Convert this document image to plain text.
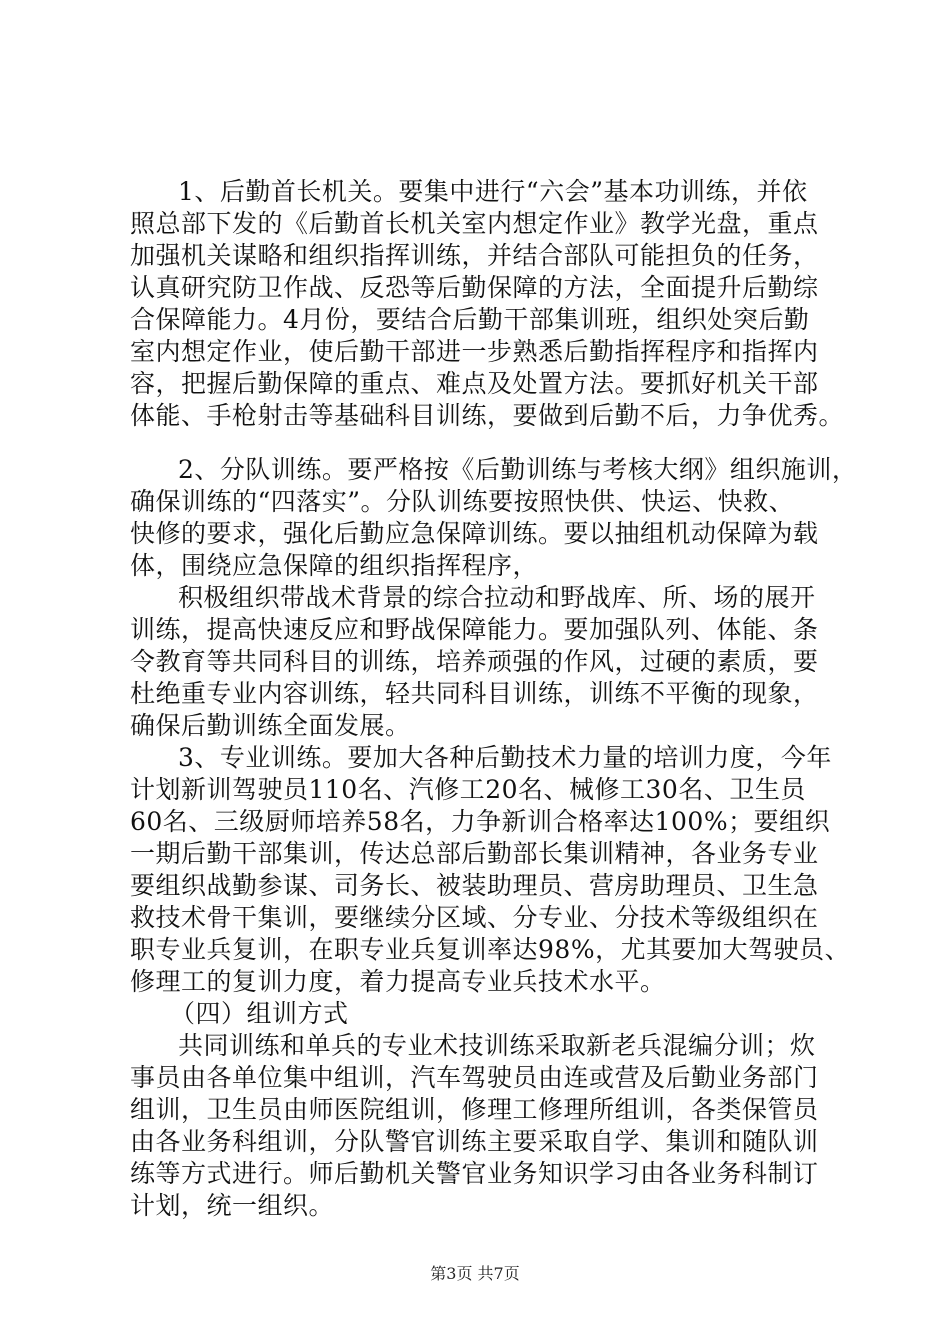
1、后勤首长机关。要集中进行“六会”基本功训练，并依
照总部下发的《后勤首长机关室内想定作业》教学光盘，重点
加强机关谋略和组织指挥训练，并结合部队可能担负的任务，
认真研究防卫作战、反恐等后勤保障的方法，全面提升后勤综
合保障能力。4月份，要结合后勤干部集训班，组织处突后勤
室内想定作业，使后勤干部进一步熟悉后勤指挥程序和指挥内
容，把握后勤保障的重点、难点及处置方法。要抓好机关干部
体能、手枪射击等基础科目训练，要做到后勤不后，力争优秀。
2、分队训练。要严格按《后勤训练与考核大纲》组织施训，
确保训练的“四落实”。分队训练要按照快供、快运、快救、
快修的要求，强化后勤应急保障训练。要以抽组机动保障为载
体，围绕应急保障的组织指挥程序，
积极组织带战术背景的综合拉动和野战库、所、场的展开
训练，提高快速反应和野战保障能力。要加强队列、体能、条
令教育等共同科目的训练，培养顽强的作风，过硬的素质，要
杜绝重专业内容训练，轻共同科目训练，训练不平衡的现象，
确保后勤训练全面发展。
3、专业训练。要加大各种后勤技术力量的培训力度，今年
计划新训驾驶员110名、汽修工20名、械修工30名、卫生员
60名、三级厨师培养58名，力争新训合格率达100%；要组织
一期后勤干部集训，传达总部后勤部长集训精神，各业务专业
要组织战勤参谋、司务长、被装助理员、营房助理员、卫生急
救技术骨干集训，要继续分区域、分专业、分技术等级组织在
职专业兵复训，在职专业兵复训率达98%，尤其要加大驾驶员、
修理工的复训力度，着力提高专业兵技术水平。
（四）组训方式
共同训练和单兵的专业术技训练采取新老兵混编分训；炊
事员由各单位集中组训，汽车驾驶员由连或营及后勤业务部门
组训，卫生员由师医院组训，修理工修理所组训，各类保管员
由各业务科组训，分队警官训练主要采取自学、集训和随队训
练等方式进行。师后勤机关警官业务知识学习由各业务科制订
计划，统一组织。
第3页 共7页
